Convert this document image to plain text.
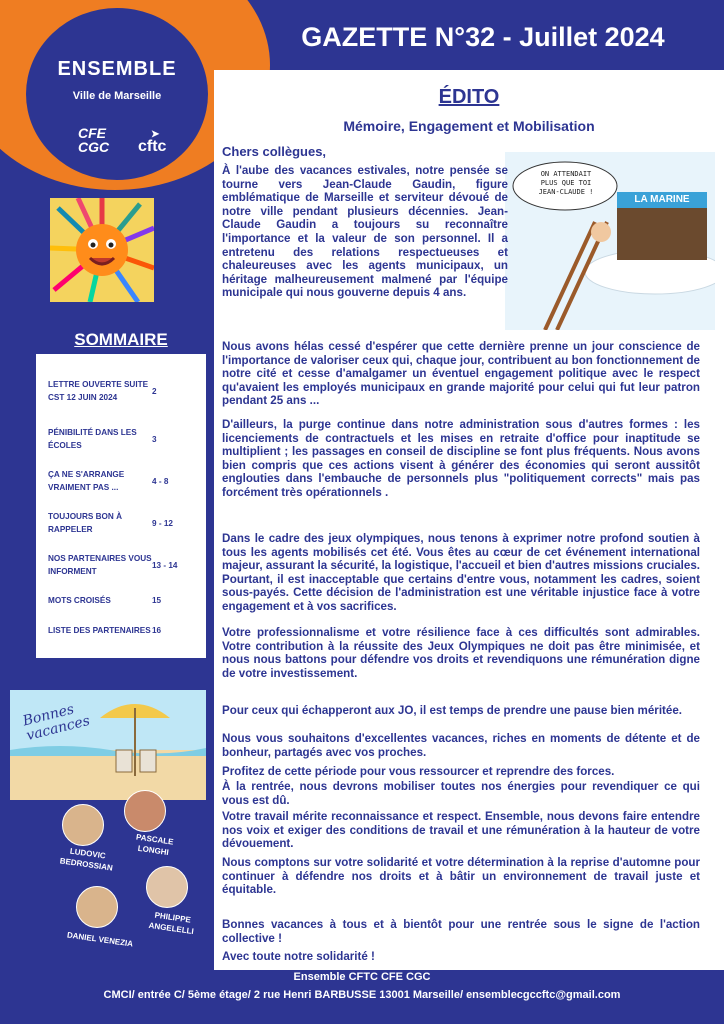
ENSEMBLE
Ville de Marseille
CFE CGC
➤
cftc
GAZETTE N°32 - Juillet 2024
SOMMAIRE
LETTRE OUVERTE SUITE CST 12 JUIN 20242
PÉNIBILITÉ DANS LES ÉCOLES3
ÇA NE S'ARRANGE VRAIMENT PAS ...4 - 8
TOUJOURS BON À RAPPELER9 - 12
NOS PARTENAIRES VOUS INFORMENT13 - 14
MOTS CROISÉS	15
LISTE DES PARTENAIRES16
Bonnes vacances
LUDOVIC BEDROSSIAN
PASCALE LONGHI
DANIEL VENEZIA
PHILIPPE ANGELELLI
ÉDITO
Mémoire, Engagement et Mobilisation
Chers collègues,
ON ATTENDAIT PLUS QUE TOI JEAN-CLAUDE !
LA MARINE
À l'aube des vacances estivales, notre pensée se tourne vers Jean-Claude Gaudin, figure emblématique de Marseille et serviteur dévoué de notre ville pendant plusieurs décennies. Jean-Claude Gaudin a toujours su reconnaître l'importance et la valeur de son personnel. Il a entretenu des relations respectueuses et chaleureuses avec les agents municipaux, un héritage malheureusement malmené par l'équipe municipale qui nous gouverne depuis 4 ans.
Nous avons hélas cessé d'espérer que cette dernière prenne un jour conscience de l'importance de valoriser ceux qui, chaque jour, contribuent au bon fonctionnement de notre cité et cesse d'amalgamer un éventuel engagement politique avec le respect qu'avaient les employés municipaux en grande majorité pour celui qui fut leur patron pendant 25 ans ...
D'ailleurs, la purge continue dans notre administration sous d'autres formes : les licenciements de contractuels et les mises en retraite d'office pour inaptitude se multiplient ; les passages en conseil de discipline se font plus fréquents. Nous avons bien compris que ces actions visent à générer des économies qui seront aussitôt englouties dans l'embauche de personnels plus "politiquement corrects" mais pas forcément très opérationnels .
Dans le cadre des jeux olympiques, nous tenons à exprimer notre profond soutien à tous les agents mobilisés cet été. Vous êtes au cœur de cet événement international majeur, assurant la sécurité, la logistique, l'accueil et bien d'autres missions cruciales. Pourtant, il est inacceptable que certains d'entre vous, notamment les cadres, soient sous-payés. Cette décision de l'administration est une véritable injustice face à votre engagement et à vos sacrifices.
Votre professionnalisme et votre résilience face à ces difficultés sont admirables. Votre contribution à la réussite des Jeux Olympiques ne doit pas être minimisée, et nous nous battons pour défendre vos droits et revendiquons une rémunération digne de votre investissement.
Pour ceux qui échapperont aux JO, il est temps de prendre une pause bien méritée.
Nous vous souhaitons d'excellentes vacances, riches en moments de détente et de bonheur, partagés avec vos proches.
Profitez de cette période pour vous ressourcer et reprendre des forces.
À la rentrée, nous devrons mobiliser toutes nos énergies pour revendiquer ce qui vous est dû.
Votre travail mérite reconnaissance et respect. Ensemble, nous devons faire entendre nos voix et exiger des conditions de travail et une rémunération à la hauteur de votre dévouement.
Nous comptons sur votre solidarité et votre détermination à la reprise d'automne pour continuer à défendre nos droits et à bâtir un environnement de travail juste et équitable.
Bonnes vacances à tous et à bientôt pour une rentrée sous le signe de l'action collective !
Avec toute notre solidarité !
Ensemble CFTC CFE CGC
CMCI/ entrée C/ 5ème étage/ 2 rue Henri BARBUSSE 13001 Marseille/ ensemblecgccftc@gmail.com
